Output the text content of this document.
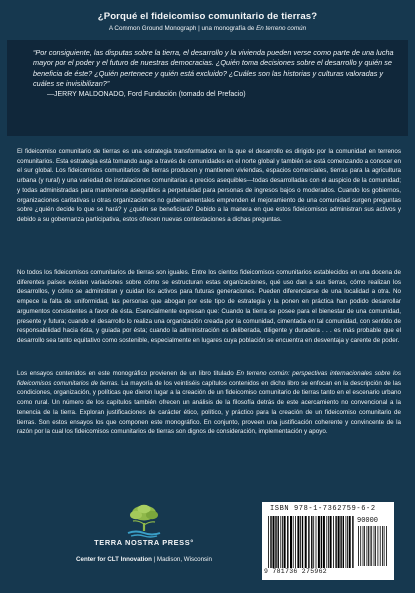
¿Porqué el fideicomiso comunitario de tierras?
A Common Ground Monograph | una monografía de En terreno común

“Por consiguiente, las disputas sobre la tierra, el desarrollo y la vivienda pueden verse como parte de una lucha mayor por el poder y el futuro de nuestras democracias. ¿Quién toma decisiones sobre el desarrollo y quién se beneficia de éste? ¿Quién pertenece y quién está excluido? ¿Cuáles son las historias y culturas valoradas y cuáles se invisibilizan?”

—JERRY MALDONADO, Ford Fundación (tomado del Prefacio)

El fideicomiso comunitario de tierras es una estrategia transformadora en la que el desarrollo es dirigido por la comunidad en terrenos comunitarios. Esta estrategia está tomando auge a través de comunidades en el norte global y también se está comenzando a conocer en el sur global. Los fideicomisos comunitarios de tierras producen y mantienen viviendas, espacios comerciales, tierras para la agricultura urbana (y rural) y una variedad de instalaciones comunitarias a precios asequibles—todas desarrolladas con el auspicio de la comunidad; y todas administradas para mantenerse asequibles a perpetuidad para personas de ingresos bajos o moderados. Cuando los gobiernos, organizaciones caritativas u otras organizaciones no gubernamentales emprenden el mejoramiento de una comunidad surgen preguntas sobre ¿quién decide lo que se hará? y ¿quién se beneficiará? Debido a la manera en que estos fideicomisos administran sus activos y debido a su gobernanza participativa, estos ofrecen nuevas contestaciones a dichas preguntas.

No todos los fideicomisos comunitarios de tierras son iguales. Entre los cientos fideicomisos comunitarios establecidos en una docena de diferentes países existen variaciones sobre cómo se estructuran estas organizaciones, qué uso dan a sus tierras, cómo realizan los desarrollos, y cómo se administran y cuidan los activos para futuras generaciones. Pueden diferenciarse de una localidad a otra. No empece la falta de uniformidad, las personas que abogan por este tipo de estrategia y la ponen en práctica han podido desarrollar argumentos consistentes a favor de ésta. Esencialmente expresan que: Cuando la tierra se posee para el bienestar de una comunidad, presente y futura; cuando el desarrollo lo realiza una organización creada por la comunidad, cimentada en tal comunidad, con sentido de responsabilidad hacia ésta, y guiada por ésta; cuando la administración es deliberada, diligente y duradera . . . es más probable que el desarrollo sea tanto equitativo como sostenible, especialmente en lugares cuya población se encuentra en desventaja y carente de poder.

Los ensayos contenidos en este monográfico provienen de un libro titulado En terreno común: perspectivas internacionales sobre los fideicomisos comunitarios de tierras. La mayoría de los veintiséis capítulos contenidos en dicho libro se enfocan en la descripción de las condiciones, organización, y políticas que dieron lugar a la creación de un fideicomiso comunitario de tierras tanto en el escenario urbano como rural. Un número de los capítulos también ofrecen un análisis de la filosofía detrás de este acercamiento no convencional a la tenencia de la tierra. Exploran justificaciones de carácter ético, político, y práctico para la creación de un fideicomiso comunitario de tierras. Son estos ensayos los que componen este monográfico. En conjunto, proveen una justificación coherente y convincente de la razón por la cual los fideicomisos comunitarios de tierras son dignos de consideración, implementación y apoyo.

TERRA NOSTRA PRESS°
Center for CLT Innovation | Madison, Wisconsin
ISBN 978-1-7362759-6-2
90000
9 781736 275962
